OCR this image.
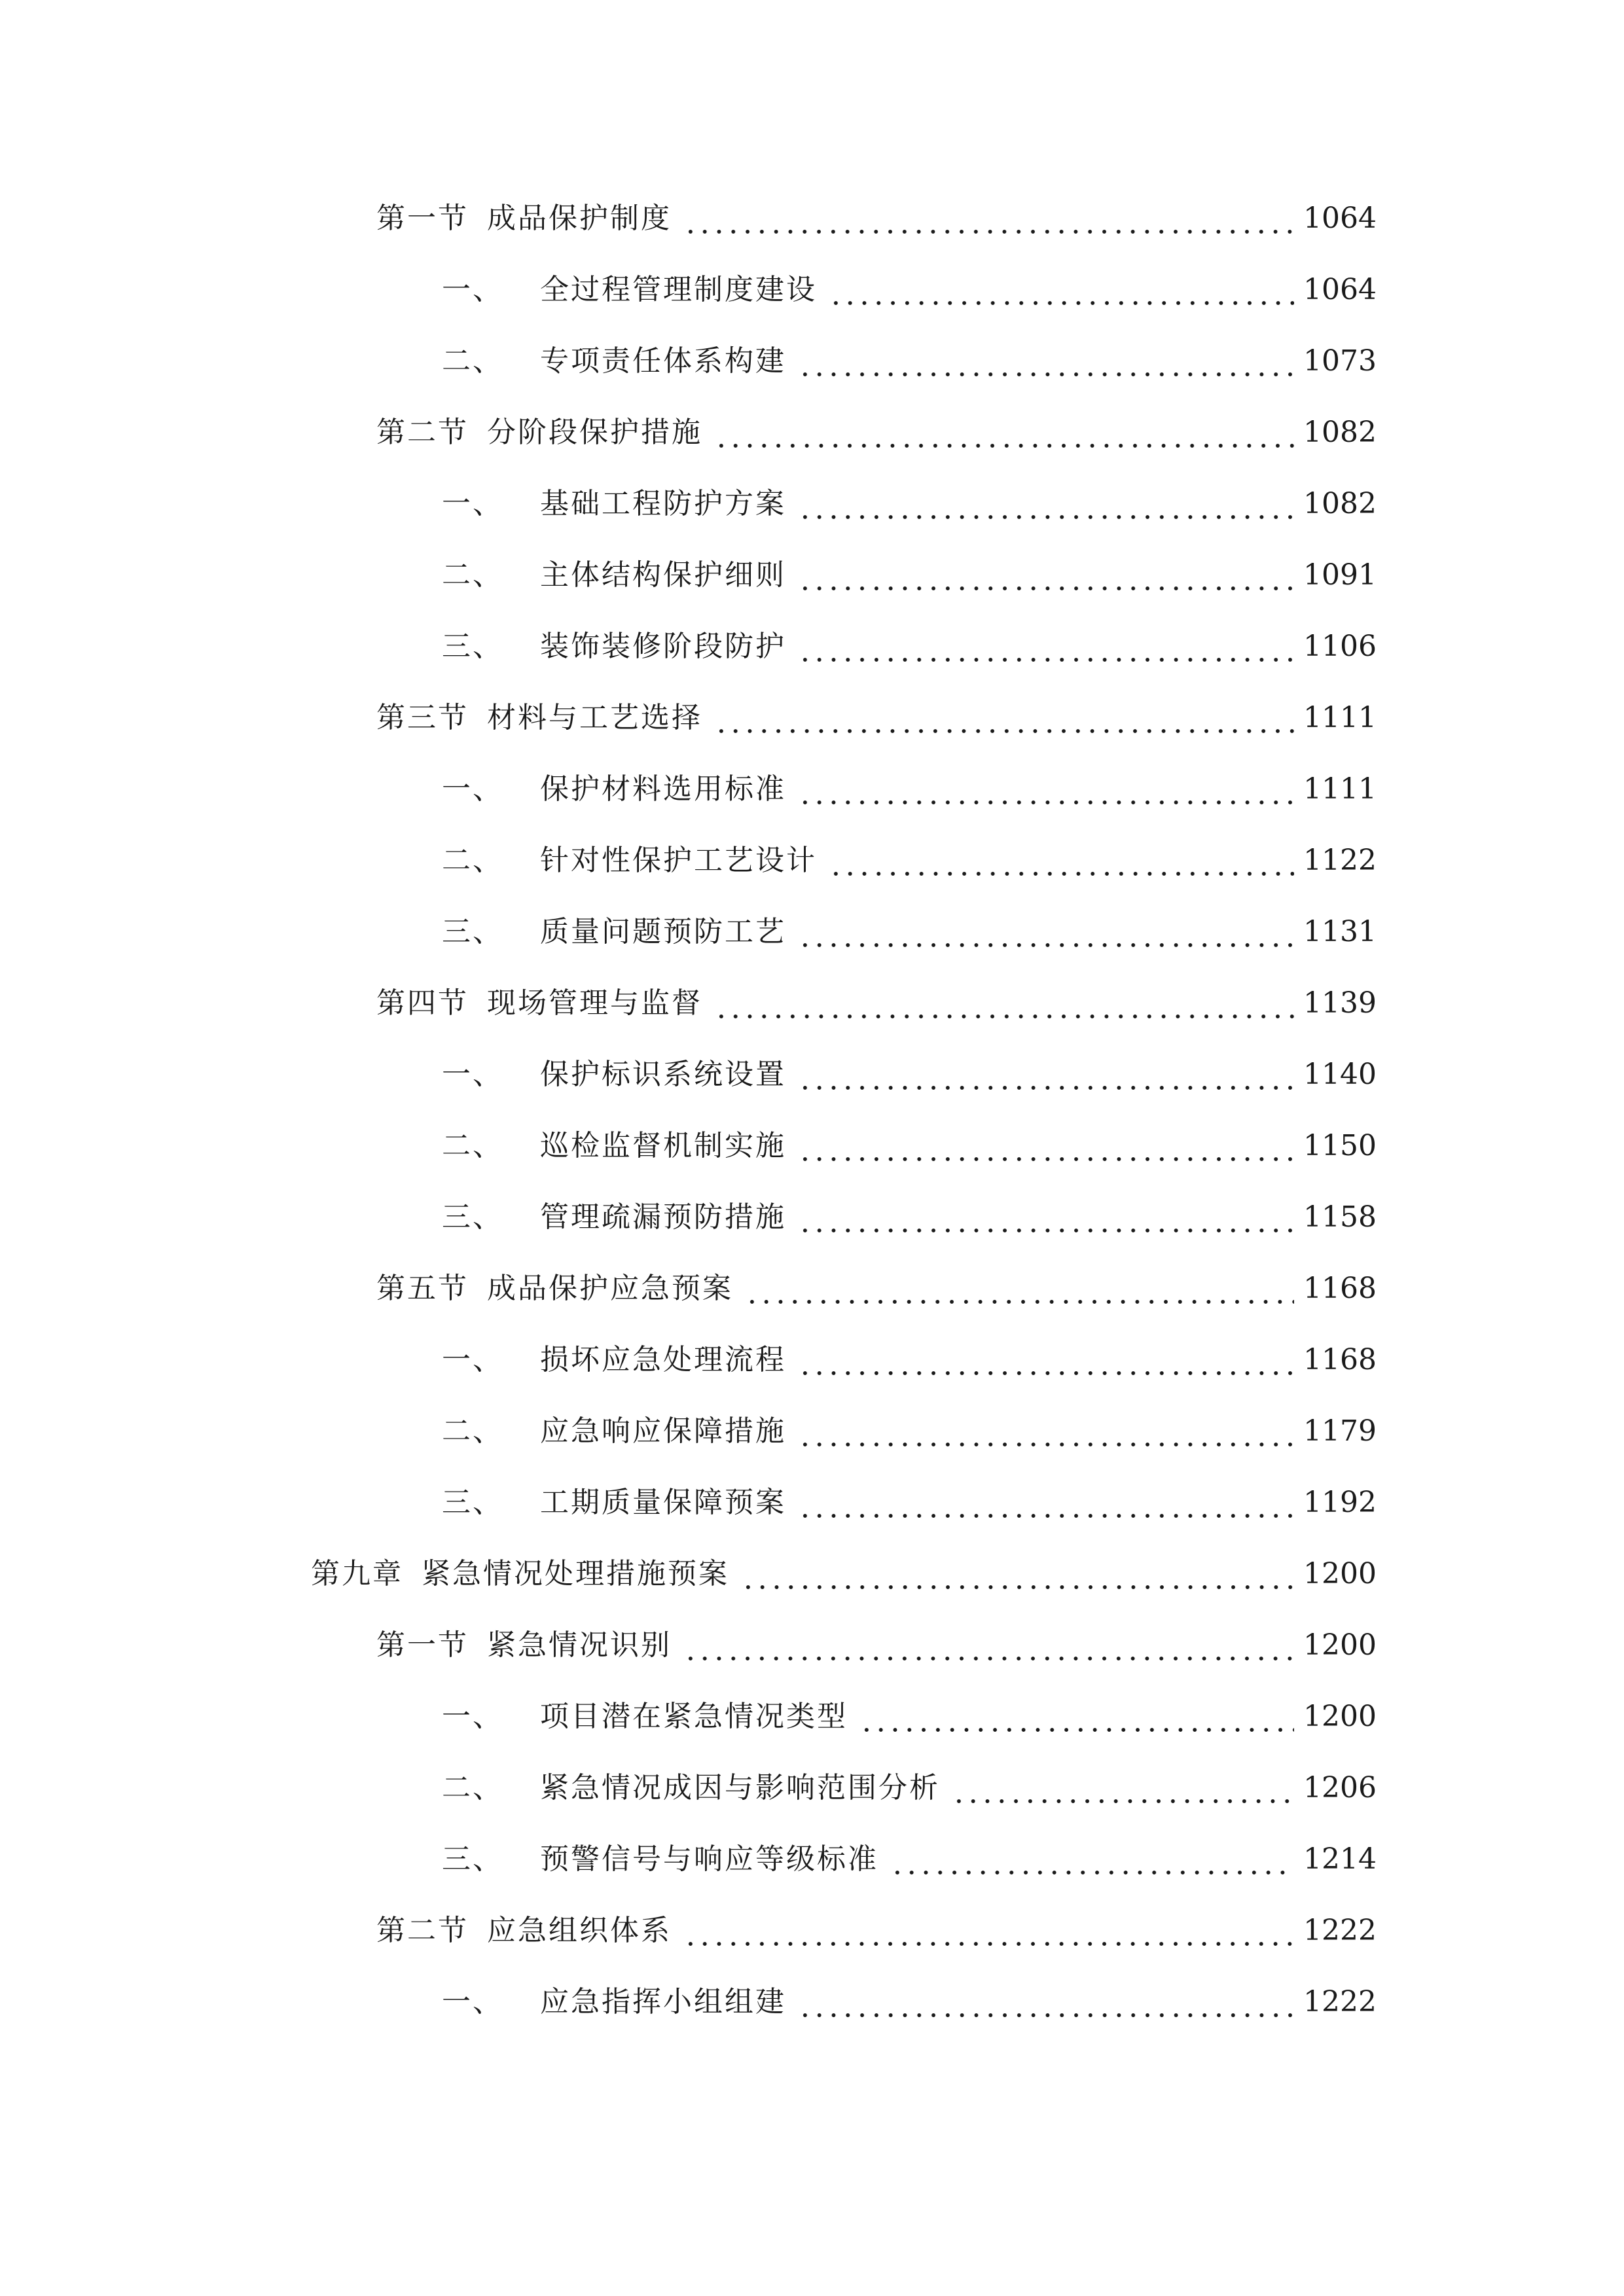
第一节 成品保护制度	1064
一、 全过程管理制度建设	1064
二、 专项责任体系构建	1073
第二节 分阶段保护措施	1082
一、 基础工程防护方案	1082
二、 主体结构保护细则	1091
三、 装饰装修阶段防护	1106
第三节 材料与工艺选择	1111
一、 保护材料选用标准	1111
二、 针对性保护工艺设计	1122
三、 质量问题预防工艺	1131
第四节 现场管理与监督	1139
一、 保护标识系统设置	1140
二、 巡检监督机制实施	1150
三、 管理疏漏预防措施	1158
第五节 成品保护应急预案	1168
一、 损坏应急处理流程	1168
二、 应急响应保障措施	1179
三、 工期质量保障预案	1192
第九章 紧急情况处理措施预案	1200
第一节 紧急情况识别	1200
一、 项目潜在紧急情况类型	1200
二、 紧急情况成因与影响范围分析	1206
三、 预警信号与响应等级标准	1214
第二节 应急组织体系	1222
一、 应急指挥小组组建	1222
